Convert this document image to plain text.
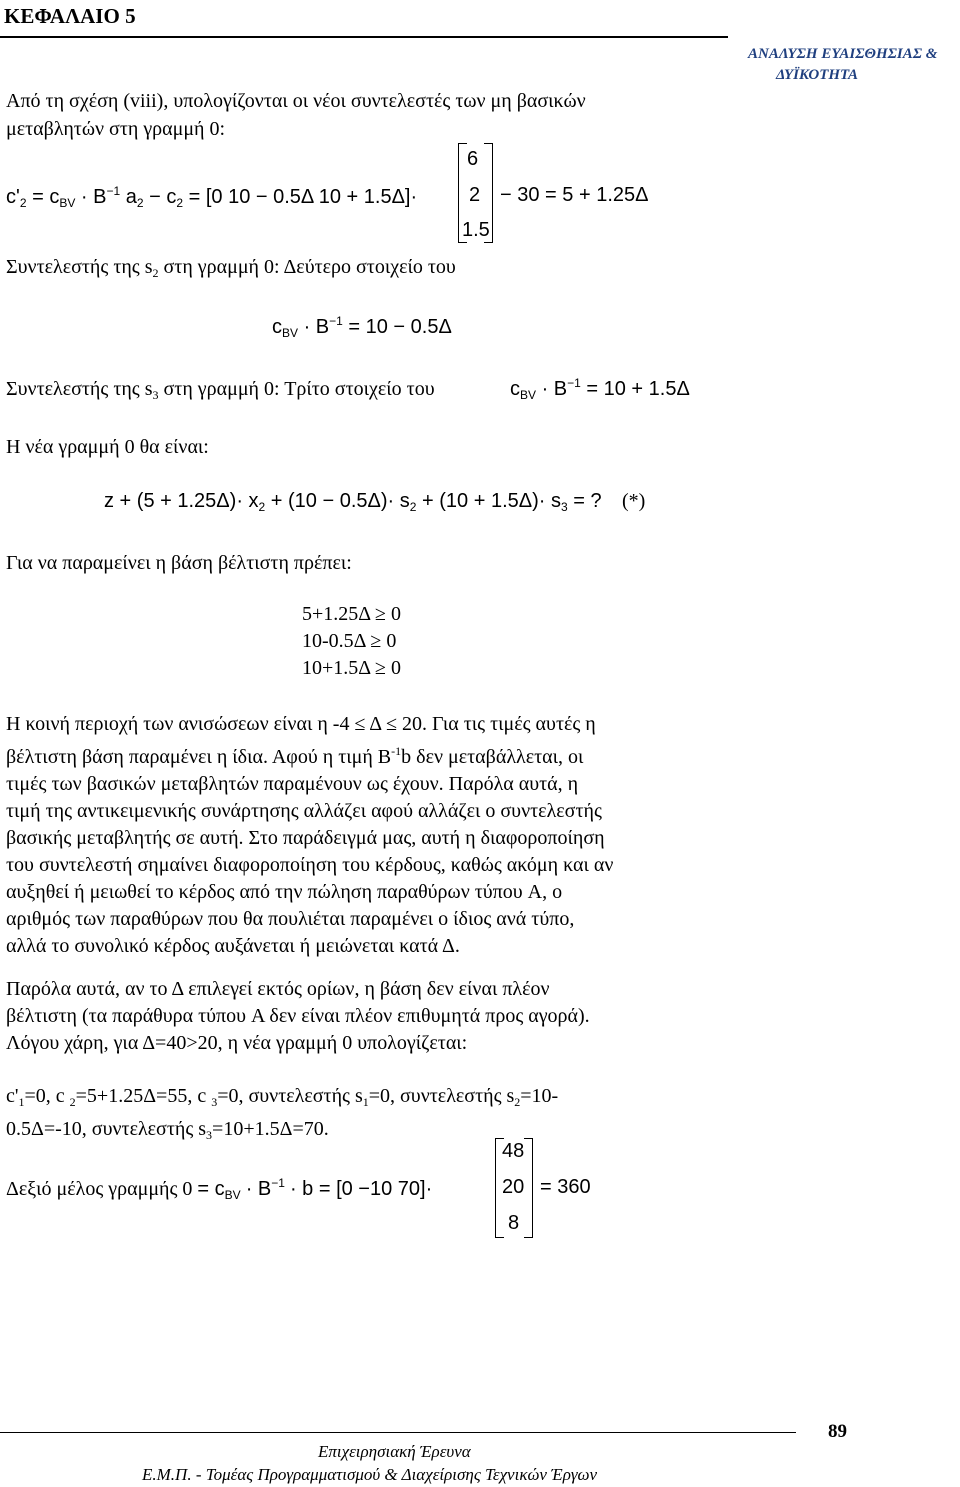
ΚΕΦΑΛΑΙΟ 5
ΑΝΑΛΥΣΗ ΕΥΑΙΣΘΗΣΙΑΣ &
ΔΥΪΚΟΤΗΤΑ
Από τη σχέση (viii), υπολογίζονται οι νέοι συντελεστές των μη βασικών
μεταβλητών στη γραμμή 0:
6
2
1.5
$c'_2 = c_{BV} \cdot B^{-1}$ $a_2 - c_2 = [0$ 10 − 0.5Δ 10 + 1.5Δ]·	− 30 = 5 + 1.25Δ
Συντελεστής της $s_2$ στη γραμμή 0: Δεύτερο στοιχείο του
$c_{BV} \cdot B^{-1} = 10 - 0.5\Delta$
Συντελεστής της $s_3$ στη γραμμή 0: Τρίτο στοιχείο του	$c_{BV} \cdot B^{-1} = 10 + 1.5\Delta$
Η νέα γραμμή 0 θα είναι:
$z + (5 + 1.25\Delta)\cdot x_2 + (10 - 0.5\Delta)\cdot s_2 + (10 + 1.5\Delta)\cdot s_3$ = ? (*)
Για να παραμείνει η βάση βέλτιστη πρέπει:
5+1.25Δ ≥ 0
10-0.5Δ ≥ 0
10+1.5Δ ≥ 0
Η κοινή περιοχή των ανισώσεων είναι η -4 ≤ Δ ≤ 20. Για τις τιμές αυτές η
βέλτιστη βάση παραμένει η ίδια. Αφού η τιμή $B^{-1}b$ δεν μεταβάλλεται, οι
τιμές των βασικών μεταβλητών παραμένουν ως έχουν. Παρόλα αυτά, η
τιμή της αντικειμενικής συνάρτησης αλλάζει αφού αλλάζει ο συντελεστής
βασικής μεταβλητής σε αυτή. Στο παράδειγμά μας, αυτή η διαφοροποίηση
του συντελεστή σημαίνει διαφοροποίηση του κέρδους, καθώς ακόμη και αν
αυξηθεί ή μειωθεί το κέρδος από την πώληση παραθύρων τύπου A, ο
αριθμός των παραθύρων που θα πουλιέται παραμένει ο ίδιος ανά τύπο,
αλλά το συνολικό κέρδος αυξάνεται ή μειώνεται κατά Δ.
Παρόλα αυτά, αν το Δ επιλεγεί εκτός ορίων, η βάση δεν είναι πλέον
βέλτιστη (τα παράθυρα τύπου A δεν είναι πλέον επιθυμητά προς αγορά).
Λόγου χάρη, για Δ=40>20, η νέα γραμμή 0 υπολογίζεται:
$c'_1=0$, c $_2$=5+1.25Δ=55, c $_3$=0, συντελεστής $s_1=0$, συντελεστής $s_2=10-$
0.5Δ=-10, συντελεστής $s_3=10+1.5\Delta=70$.
48
20
8
Δεξιό μέλος γραμμής $0 = c_{BV} \cdot B^{-1} \cdot b = [0 -10$ 70]·	= 360
89
Επιχειρησιακή Έρευνα
Ε.Μ.Π. - Τομέας Προγραμματισμού & Διαχείρισης Τεχνικών Έργων
